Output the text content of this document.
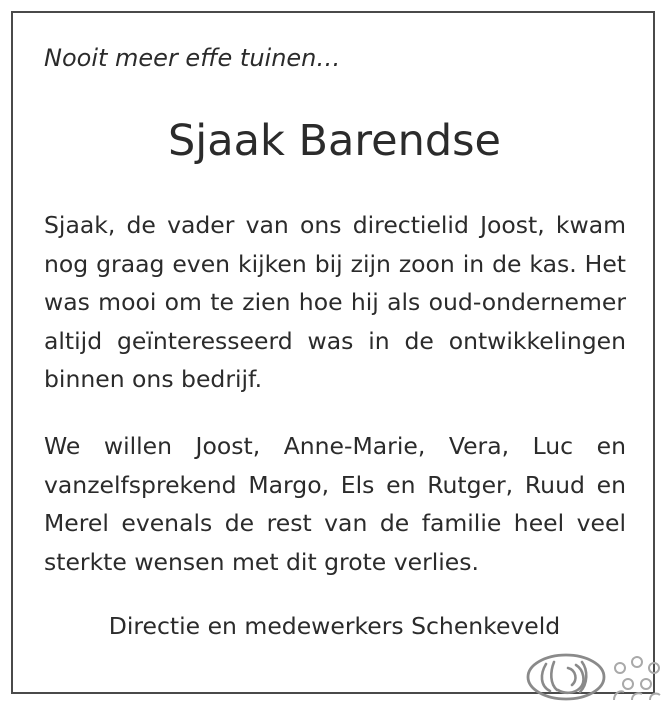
Nooit meer effe tuinen…
Sjaak Barendse
Sjaak, de vader van ons directielid Joost, kwam
nog graag even kijken bij zijn zoon in de kas. Het
was mooi om te zien hoe hij als oud-ondernemer
altijd geïnteresseerd was in de ontwikkelingen
binnen ons bedrijf.
We willen Joost, Anne-Marie, Vera, Luc en
vanzelfsprekend Margo, Els en Rutger, Ruud en
Merel evenals de rest van de familie heel veel
sterkte wensen met dit grote verlies.
Directie en medewerkers Schenkeveld
